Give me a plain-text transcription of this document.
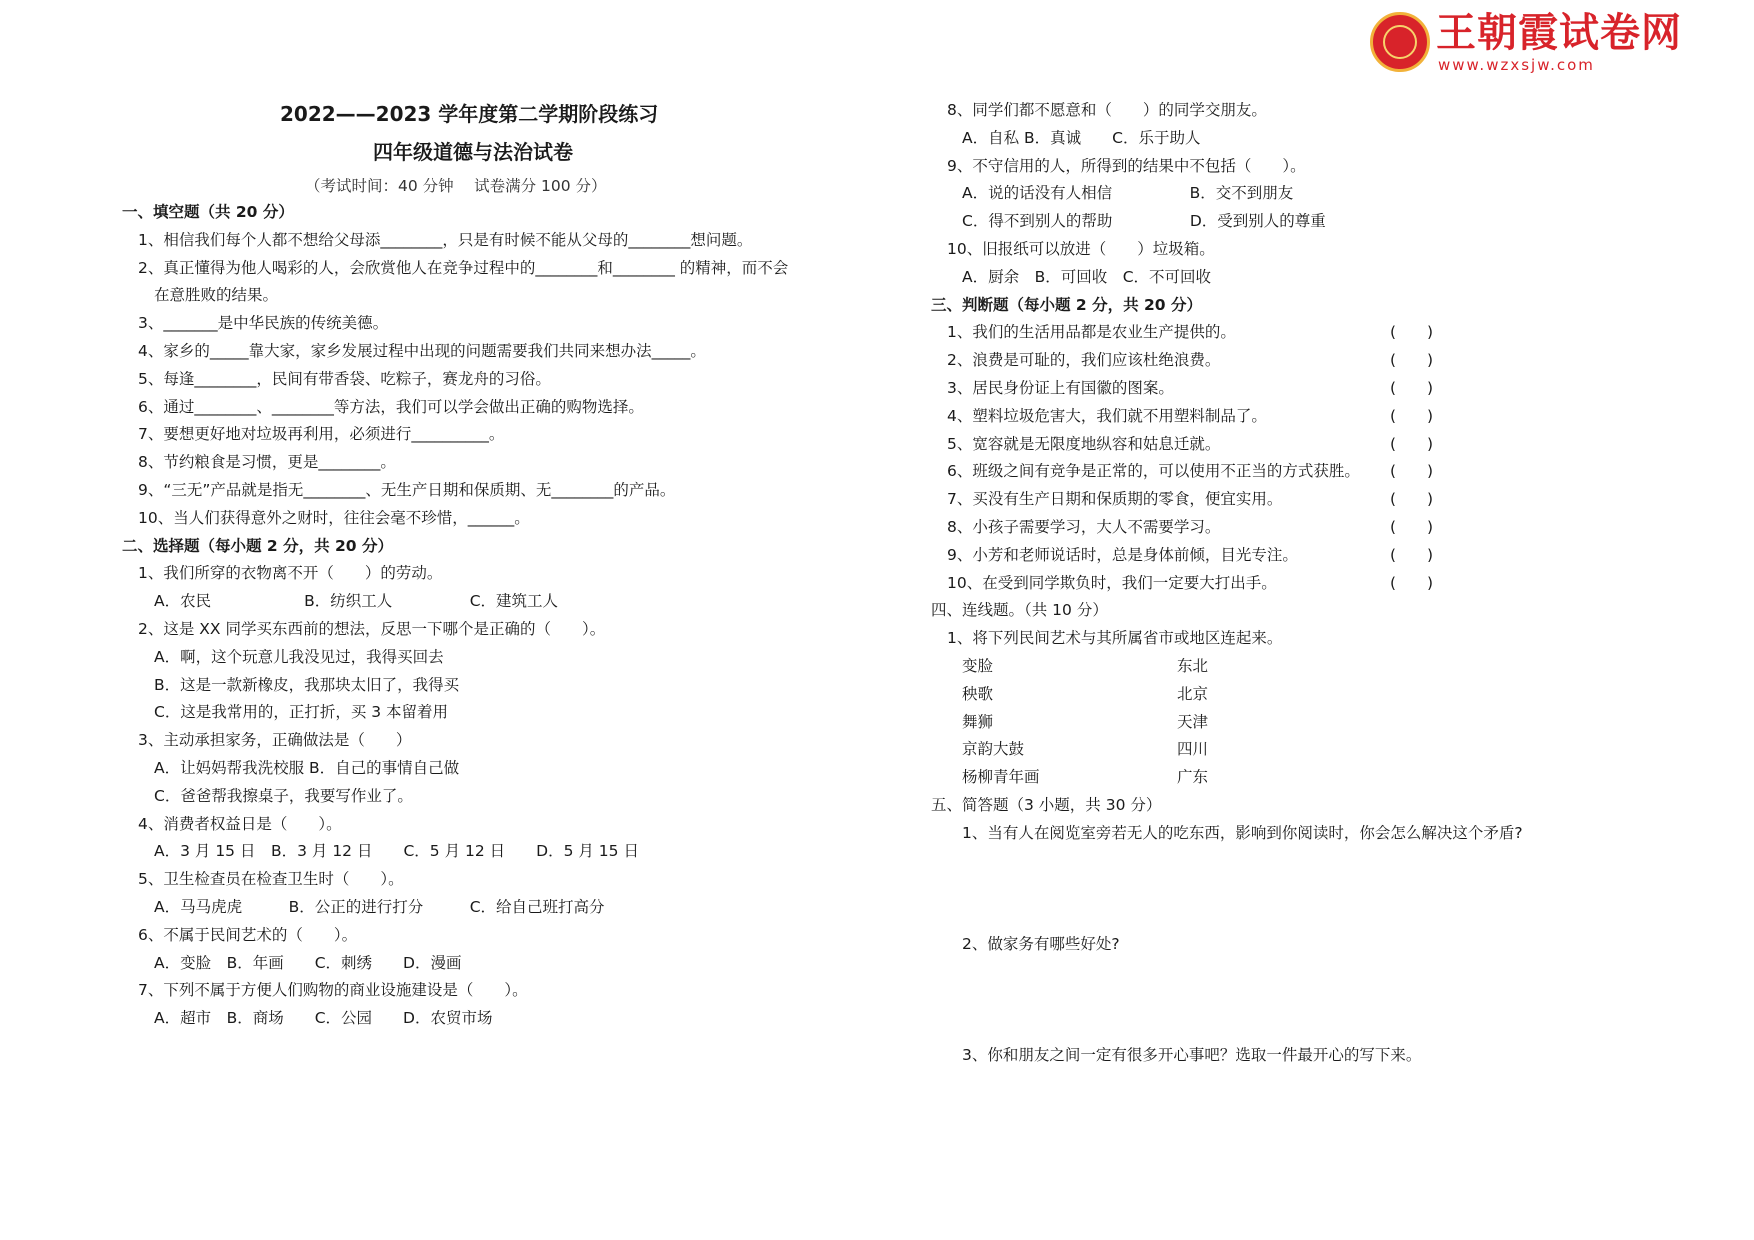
王朝霞试卷网
www.wzxsjw.com
2022——2023 学年度第二学期阶段练习
四年级道德与法治试卷
（考试时间：40 分钟　 试卷满分 100 分）
一、填空题（共 20 分）
1、相信我们每个人都不想给父母添________，只是有时候不能从父母的________想问题。
2、真正懂得为他人喝彩的人，会欣赏他人在竞争过程中的________和________ 的精神，而不会
在意胜败的结果。
3、_______是中华民族的传统美德。
4、家乡的_____靠大家，家乡发展过程中出现的问题需要我们共同来想办法_____。
5、每逢________，民间有带香袋、吃粽子，赛龙舟的习俗。
6、通过________、________等方法，我们可以学会做出正确的购物选择。
7、要想更好地对垃圾再利用，必须进行__________。
8、节约粮食是习惯，更是________。
9、“三无”产品就是指无________、无生产日期和保质期、无________的产品。
10、当人们获得意外之财时，往往会毫不珍惜，______。
二、选择题（每小题 2 分，共 20 分）
1、我们所穿的衣物离不开（　　）的劳动。
A．农民　　　　　　B．纺织工人　　　　　C．建筑工人
2、这是 XX 同学买东西前的想法，反思一下哪个是正确的（　　）。
A．啊，这个玩意儿我没见过，我得买回去
B．这是一款新橡皮，我那块太旧了，我得买
C．这是我常用的，正打折，买 3 本留着用
3、主动承担家务，正确做法是（　　）
A．让妈妈帮我洗校服 B．自己的事情自己做
C．爸爸帮我擦桌子，我要写作业了。
4、消费者权益日是（　　）。
A．3 月 15 日　B．3 月 12 日　　C．5 月 12 日　　D．5 月 15 日
5、卫生检查员在检查卫生时（　　）。
A．马马虎虎　　　B．公正的进行打分　　　C．给自己班打高分
6、不属于民间艺术的（　　）。
A．变脸　B．年画　　C．刺绣　　D．漫画
7、下列不属于方便人们购物的商业设施建设是（　　）。
A．超市　B．商场　　C．公园　　D．农贸市场
8、同学们都不愿意和（　　）的同学交朋友。
A．自私 B．真诚　　C．乐于助人
9、不守信用的人，所得到的结果中不包括（　　）。
A．说的话没有人相信　　　　　B．交不到朋友
C．得不到别人的帮助　　　　　D．受到别人的尊重
10、旧报纸可以放进（　　）垃圾箱。
A．厨余　B．可回收　C．不可回收
三、判断题（每小题 2 分，共 20 分）
1、我们的生活用品都是农业生产提供的。	(　　)
2、浪费是可耻的，我们应该杜绝浪费。	(　　)
3、居民身份证上有国徽的图案。	(　　)
4、塑料垃圾危害大，我们就不用塑料制品了。	(　　)
5、宽容就是无限度地纵容和姑息迁就。	(　　)
6、班级之间有竞争是正常的，可以使用不正当的方式获胜。 (　　)
7、买没有生产日期和保质期的零食，便宜实用。	(　　)
8、小孩子需要学习，大人不需要学习。	(　　)
9、小芳和老师说话时，总是身体前倾，目光专注。	(　　)
10、在受到同学欺负时，我们一定要大打出手。	(　　)
四、连线题。（共 10 分）
1、将下列民间艺术与其所属省市或地区连起来。
变脸	东北
秧歌	北京
舞狮	天津
京韵大鼓	四川
杨柳青年画	广东
五、简答题（3 小题，共 30 分）
1、当有人在阅览室旁若无人的吃东西，影响到你阅读时，你会怎么解决这个矛盾?
2、做家务有哪些好处?
3、你和朋友之间一定有很多开心事吧？选取一件最开心的写下来。
